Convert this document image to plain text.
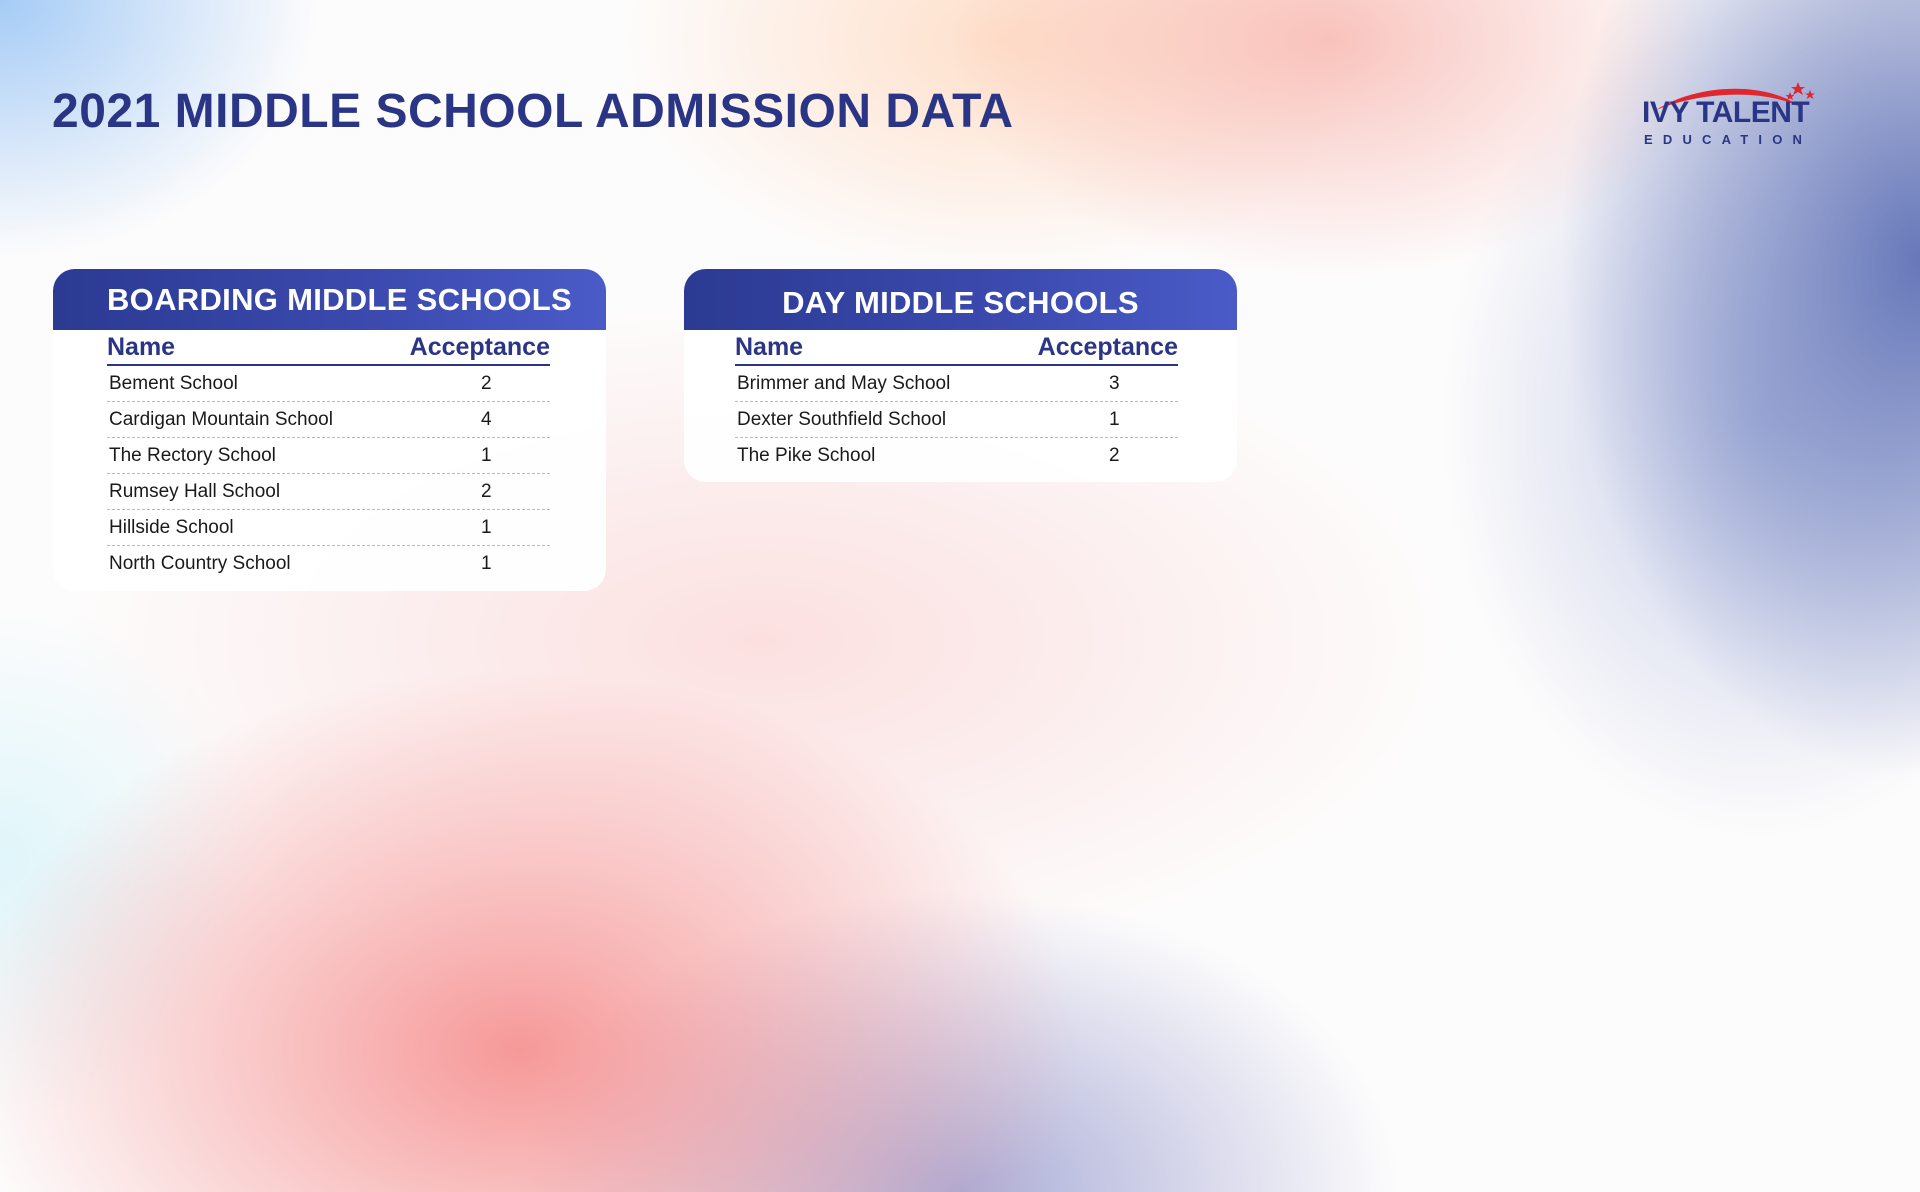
2021 MIDDLE SCHOOL ADMISSION DATA	IVY TALENT
EDUCATION
BOARDING MIDDLE SCHOOLS
Name	Acceptance
Bement School	2
Cardigan Mountain School	4
The Rectory School	1
Rumsey Hall School	2
Hillside School	1
North Country School	1
DAY MIDDLE SCHOOLS
Name	Acceptance
Brimmer and May School	3
Dexter Southfield School	1
The Pike School	2
